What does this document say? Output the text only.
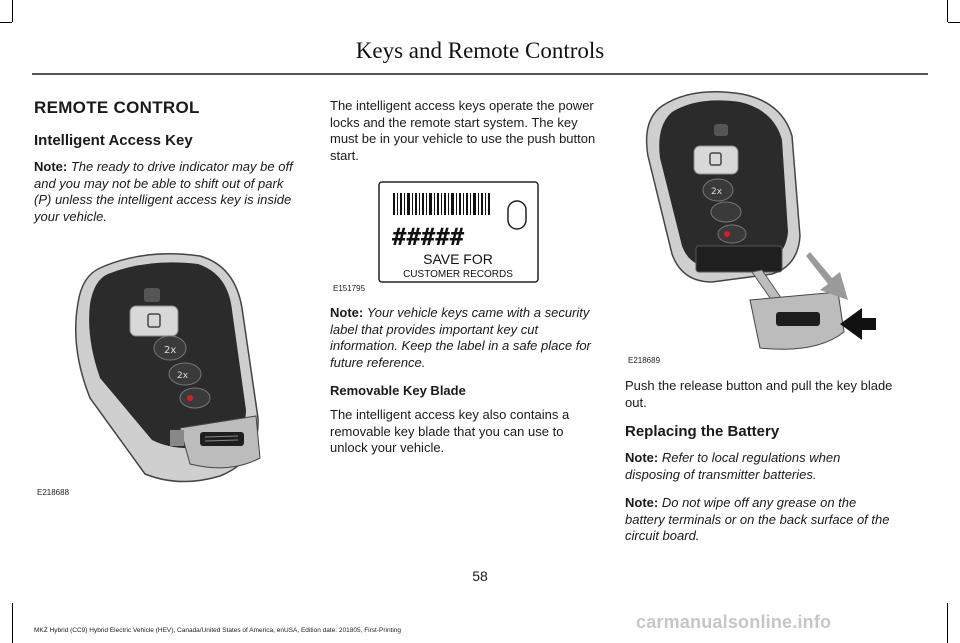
Keys and Remote Controls
REMOTE CONTROL
Intelligent Access Key
Note: The ready to drive indicator may be off and you may not be able to shift out of park (P) unless the intelligent access key is inside your vehicle.
2x
2x
E218688
The intelligent access keys operate the power locks and the remote start system. The key must be in your vehicle to use the push button start.
#####
SAVE FOR
CUSTOMER RECORDS
E151795
Note: Your vehicle keys came with a security label that provides important key cut information. Keep the label in a safe place for future reference.
Removable Key Blade
The intelligent access key also contains a removable key blade that you can use to unlock your vehicle.
2x
E218689
Push the release button and pull the key blade out.
Replacing the Battery
Note: Refer to local regulations when disposing of transmitter batteries.
Note: Do not wipe off any grease on the battery terminals or on the back surface of the circuit board.
58
MKZ Hybrid (CC9) Hybrid Electric Vehicle (HEV), Canada/United States of America, enUSA, Edition date: 201805, First-Printing	carmanualsonline.info
